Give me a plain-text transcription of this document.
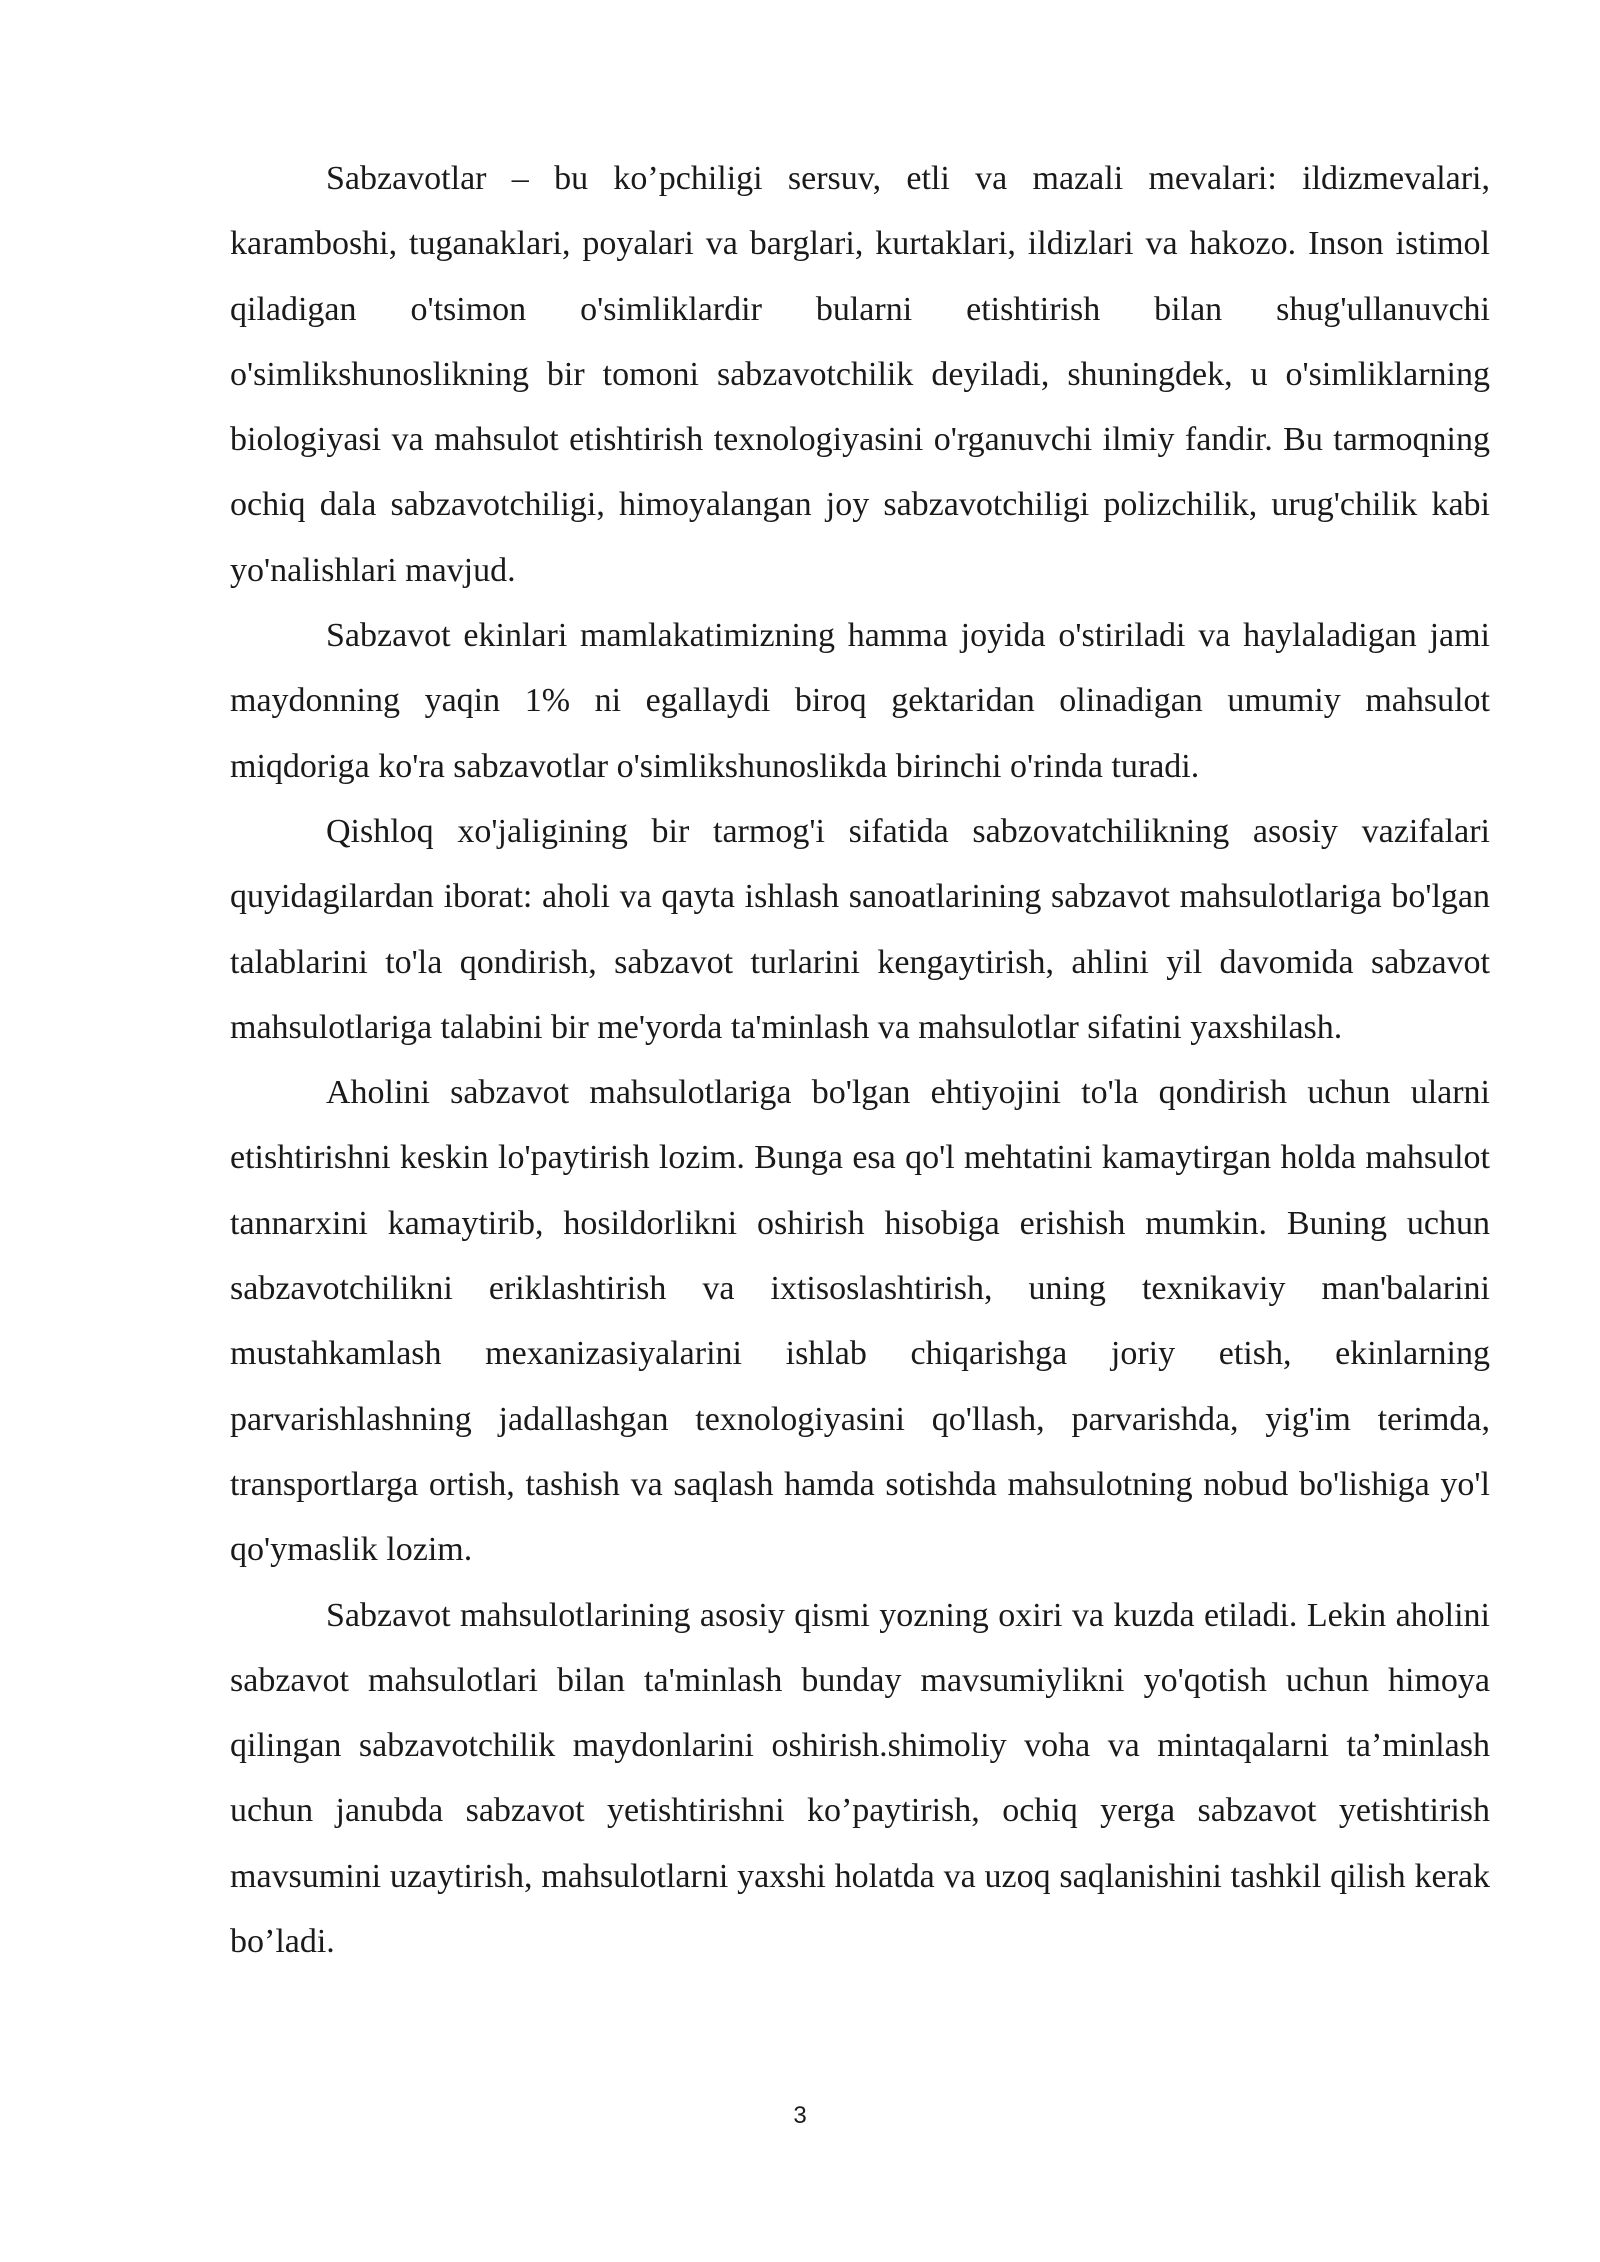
Sabzavotlar – bu ko’pchiligi sersuv, etli va mazali mevalari: ildizmevalari, karamboshi, tuganaklari, poyalari va barglari, kurtaklari, ildizlari va hakozo. Inson istimol qiladigan o'tsimon o'simliklardir bularni etishtirish bilan shug'ullanuvchi o'simlikshunoslikning bir tomoni sabzavotchilik deyiladi, shuningdek, u o'simliklarning biologiyasi va mahsulot etishtirish texnologiyasini o'rganuvchi ilmiy fandir. Bu tarmoqning ochiq dala sabzavotchiligi, himoyalangan joy sabzavotchiligi polizchilik, urug'chilik kabi yo'nalishlari mavjud.

Sabzavot ekinlari mamlakatimizning hamma joyida o'stiriladi va haylaladigan jami maydonning yaqin 1% ni egallaydi biroq gektaridan olinadigan umumiy mahsulot miqdoriga ko'ra sabzavotlar o'simlikshunoslikda birinchi o'rinda turadi.

Qishloq xo'jaligining bir tarmog'i sifatida sabzovatchilikning asosiy vazifalari quyidagilardan iborat: aholi va qayta ishlash sanoatlarining sabzavot mahsulotlariga bo'lgan talablarini to'la qondirish, sabzavot turlarini kengaytirish, ahlini yil davomida sabzavot mahsulotlariga talabini bir me'yorda ta'minlash va mahsulotlar sifatini yaxshilash.

Aholini sabzavot mahsulotlariga bo'lgan ehtiyojini to'la qondirish uchun ularni etishtirishni keskin lo'paytirish lozim. Bunga esa qo'l mehtatini kamaytirgan holda mahsulot tannarxini kamaytirib, hosildorlikni oshirish hisobiga erishish mumkin. Buning uchun sabzavotchilikni eriklashtirish va ixtisoslashtirish, uning texnikaviy man'balarini mustahkamlash mexanizasiyalarini ishlab chiqarishga joriy etish, ekinlarning parvarishlashning jadallashgan texnologiyasini qo'llash, parvarishda, yig'im terimda, transportlarga ortish, tashish va saqlash hamda sotishda mahsulotning nobud bo'lishiga yo'l qo'ymaslik lozim.

Sabzavot mahsulotlarining asosiy qismi yozning oxiri va kuzda etiladi. Lekin aholini sabzavot mahsulotlari bilan ta'minlash bunday mavsumiylikni yo'qotish uchun himoya qilingan sabzavotchilik maydonlarini oshirish.shimoliy voha va mintaqalarni ta’minlash uchun janubda sabzavot yetishtirishni ko’paytirish, ochiq yerga sabzavot yetishtirish mavsumini uzaytirish, mahsulotlarni yaxshi holatda va uzoq saqlanishini tashkil qilish kerak bo’ladi.

3
